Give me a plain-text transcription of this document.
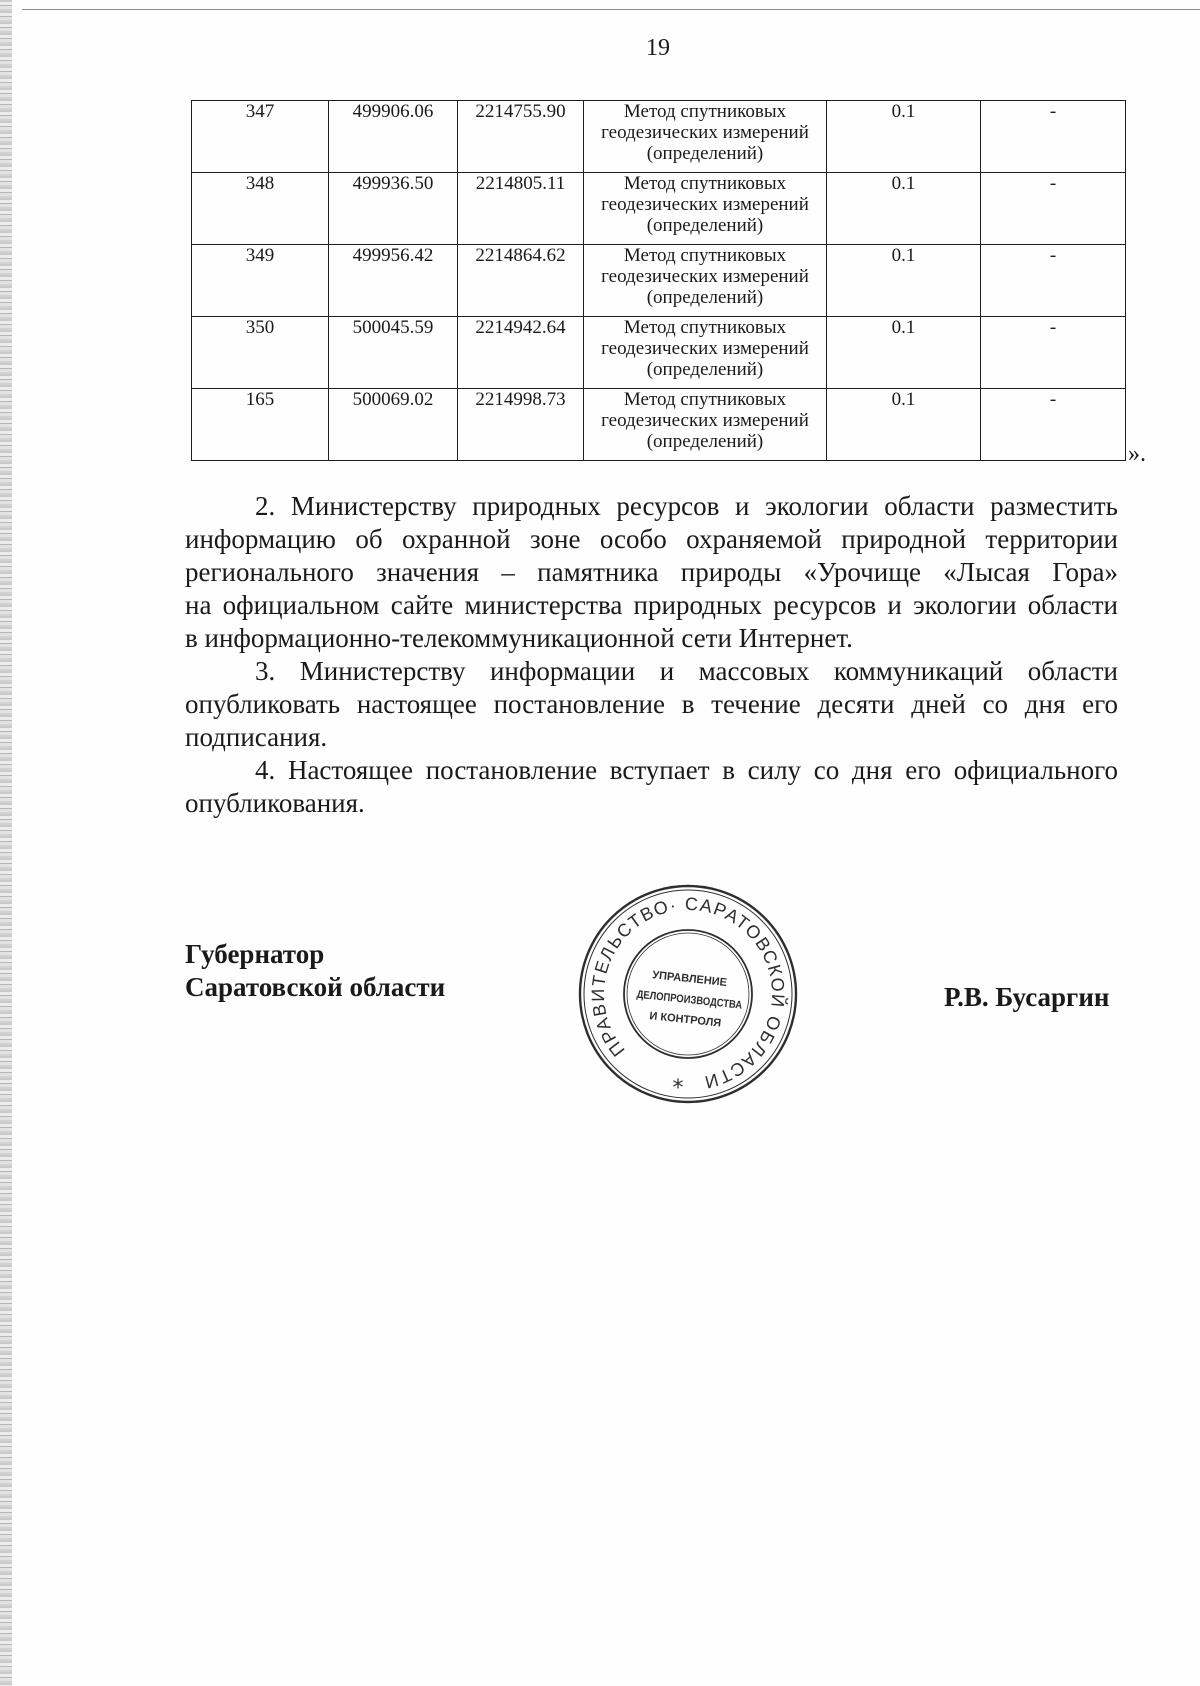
19
347	499906.06	2214755.90	Метод спутниковых
геодезических измерений
(определений)	0.1	-
348	499936.50	2214805.11	Метод спутниковых
геодезических измерений
(определений)	0.1	-
349	499956.42	2214864.62	Метод спутниковых
геодезических измерений
(определений)	0.1	-
350	500045.59	2214942.64	Метод спутниковых
геодезических измерений
(определений)	0.1	-
165	500069.02	2214998.73	Метод спутниковых
геодезических измерений
(определений)	0.1	-
».
2. Министерству природных ресурсов и экологии области разместить
информацию об охранной зоне особо охраняемой природной территории
регионального значения – памятника природы «Урочище «Лысая Гора»
на официальном сайте министерства природных ресурсов и экологии области
в информационно-телекоммуникационной сети Интернет.
3. Министерству информации и массовых коммуникаций области
опубликовать настоящее постановление в течение десяти дней со дня его
подписания.
4. Настоящее постановление вступает в силу со дня его официального
опубликования.
Губернатор
Саратовской области	Р.В. Бусаргин
ПРАВИТЕЛЬСТВО· САРАТОВСКОЙ ОБЛАСТИ
УПРАВЛЕНИЕ
ДЕЛОПРОИЗВОДСТВА
И КОНТРОЛЯ
*
